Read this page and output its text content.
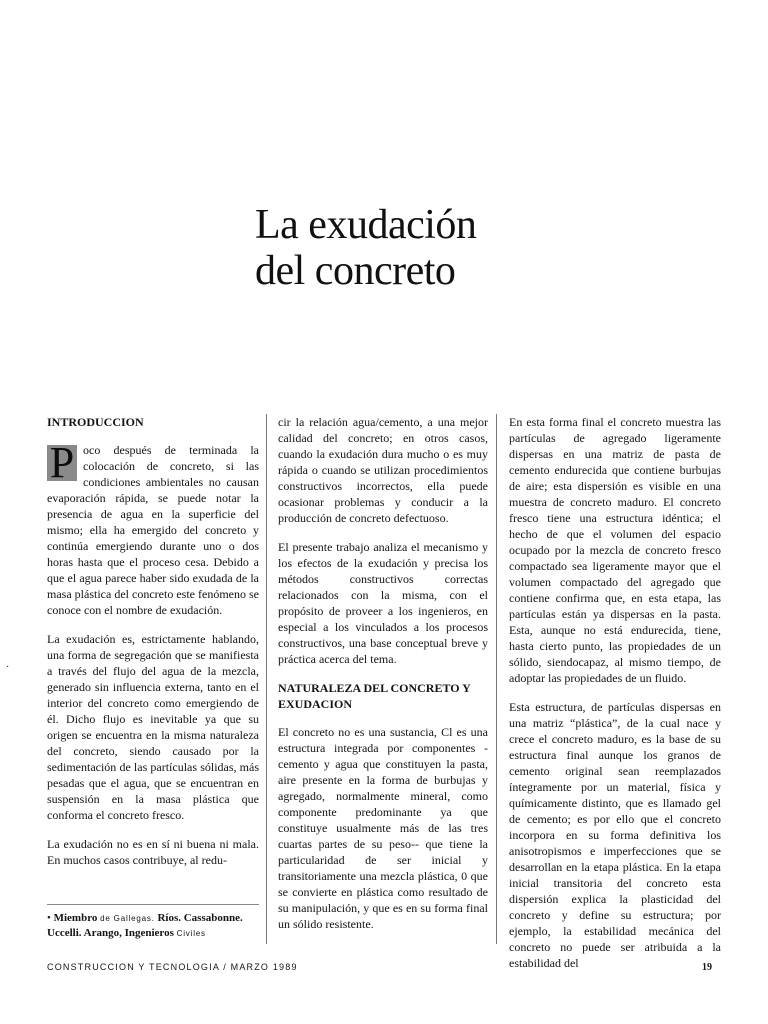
La exudación
del concreto
INTRODUCCION

P oco después de terminada la colocación de concreto, si las condiciones ambientales no causan evaporación rápida, se puede notar la presencia de agua en la superficie del mismo; ella ha emergido del concreto y continúa emergiendo durante uno o dos horas hasta que el proceso cesa. Debido a que el agua parece haber sido exudada de la masa plástica del concreto este fenómeno se conoce con el nombre de exudación.

La exudación es, estrictamente hablando, una forma de segregación que se manifiesta a través del flujo del agua de la mezcla, generado sin influencia externa, tanto en el interior del concreto como emergiendo de él. Dicho flujo es inevitable ya que su origen se encuentra en la misma naturaleza del concreto, siendo causado por la sedimentación de las partículas sólidas, más pesadas que el agua, que se encuentran en suspensión en la masa plástica que conforma el concreto fresco.

La exudación no es en sí ni buena ni mala. En muchos casos contribuye, al redu-

cir la relación agua/cemento, a una mejor calidad del concreto; en otros casos, cuando la exudación dura mucho o es muy rápida o cuando se utilizan procedimientos constructivos incorrectos, ella puede ocasionar problemas y conducir a la producción de concreto defectuoso.

El presente trabajo analiza el mecanismo y los efectos de la exudación y precisa los métodos constructivos correctas relacionados con la misma, con el propósito de proveer a los ingenieros, en especial a los vinculados a los procesos constructivos, una base conceptual breve y práctica acerca del tema.

NATURALEZA DEL CONCRETO Y EXUDACION

El concreto no es una sustancia, Cl es una estructura integrada por componentes -cemento y agua que constituyen la pasta, aire presente en la forma de burbujas y agregado, normalmente mineral, como componente predominante ya que constituye usualmente más de las tres cuartas partes de su peso-- que tiene la particularidad de ser inicial y transitoriamente una mezcla plástica, 0 que se convierte en plástica como resultado de su manipulación, y que es en su forma final un sólido resistente.

En esta forma final el concreto muestra las partículas de agregado ligeramente dispersas en una matriz de pasta de cemento endurecida que contiene burbujas de aire; esta dispersión es visible en una muestra de concreto maduro. El concreto fresco tiene una estructura idéntica; el hecho de que el volumen del espacio ocupado por la mezcla de concreto fresco compactado sea ligeramente mayor que el volumen compactado del agregado que contiene confirma que, en esta etapa, las partículas están ya dispersas en la pasta. Esta, aunque no está endurecida, tiene, hasta cierto punto, las propiedades de un sólido, siendocapaz, al mismo tiempo, de adoptar las propiedades de un fluido.

Esta estructura, de partículas dispersas en una matriz “plástica”, de la cual nace y crece el concreto maduro, es la base de su estructura final aunque los granos de cemento original sean reemplazados íntegramente por un material, física y químicamente distinto, que es llamado gel de cemento; es por ello que el concreto incorpora en su forma definitiva los anisotropismos e imperfecciones que se desarrollan en la etapa plástica. En la etapa inicial transitoria del concreto esta dispersión explica la plasticidad del concreto y define su estructura; por ejemplo, la estabilidad mecánica del concreto no puede ser atribuida a la estabilidad del

• Miembro de Gallegas. Ríos. Cassabonne. Uccelli. Arango, Ingenieros Civiles
CONSTRUCCION Y TECNOLOGIA / MARZO 1989	19
·
